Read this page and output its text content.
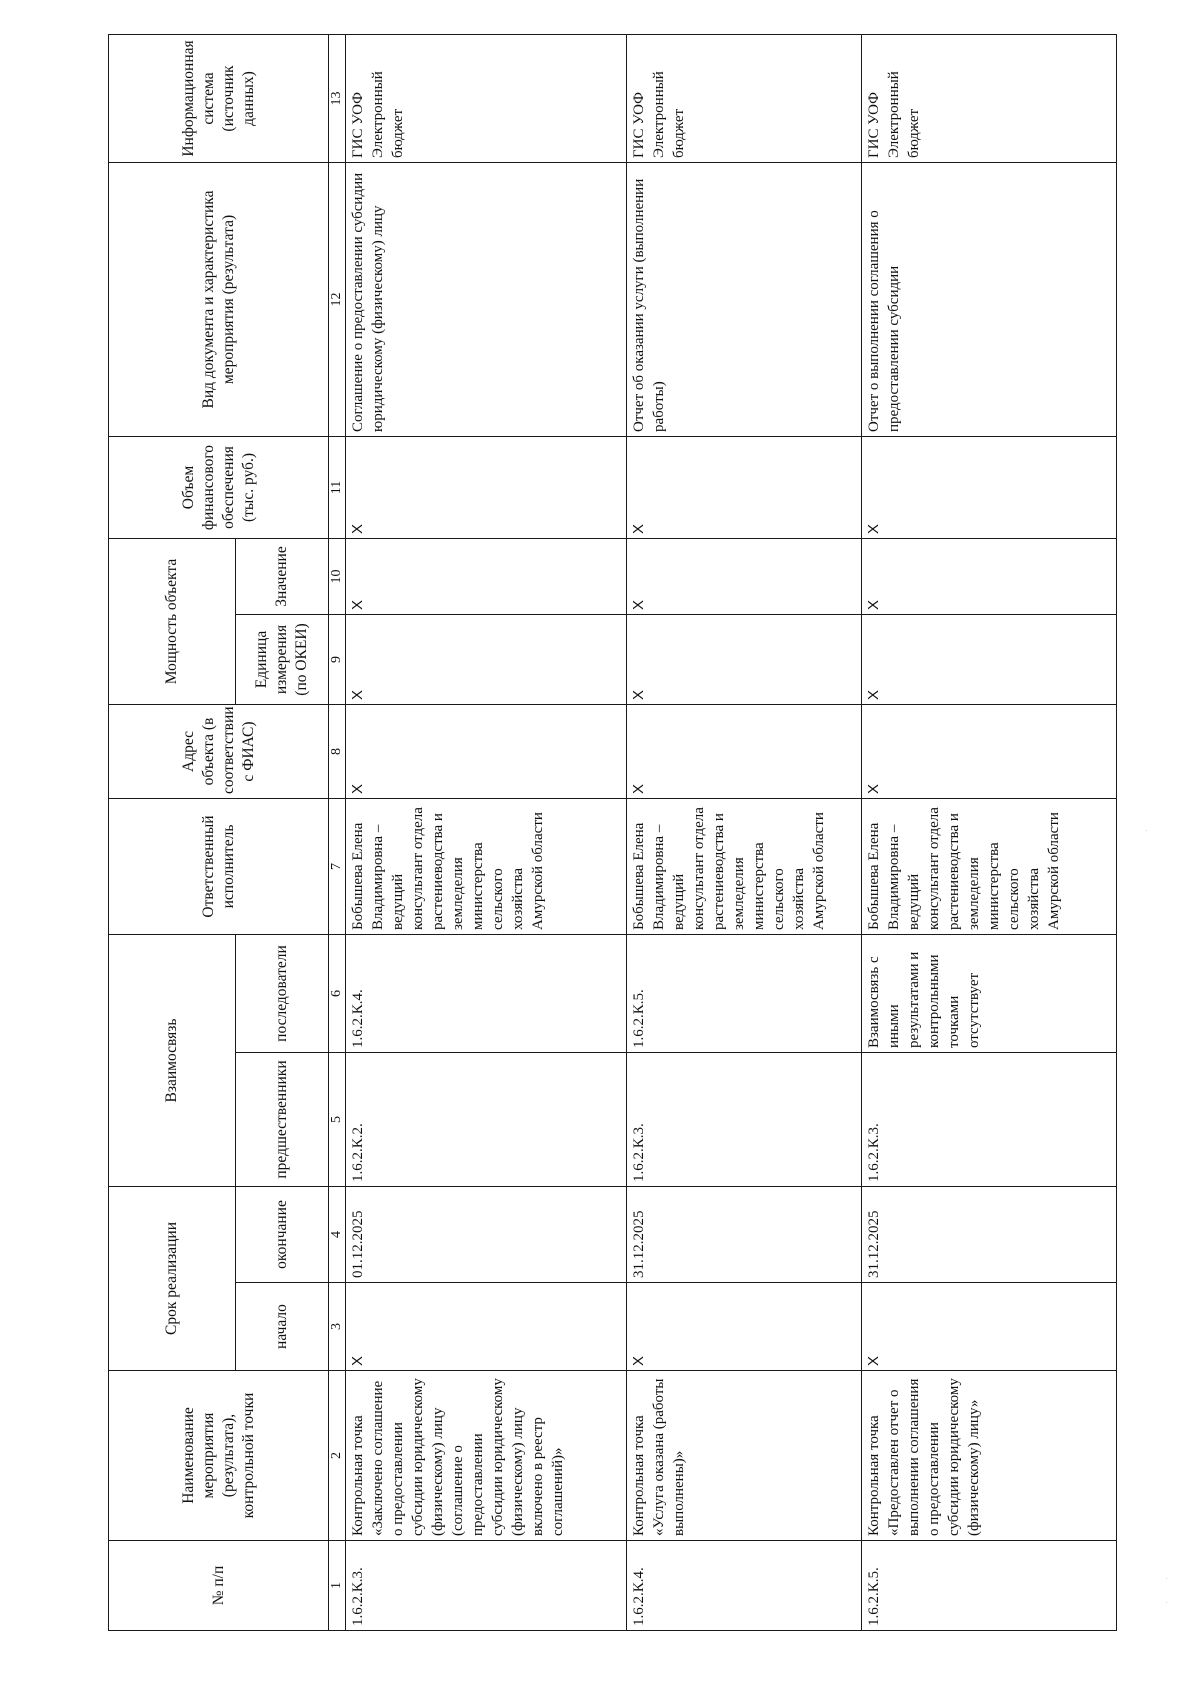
№ п/п	Наименование мероприятия (результата), контрольной точки	Срок реализации		Взаимосвязь		Ответственный исполнитель	Адрес объекта (в соответствии с ФИАС)	Мощность объекта		Объем финансового обеспечения (тыс. руб.)	Вид документа и характеристика мероприятия (результата)	Информационная система (источник данных)
		начало	окончание	предшественники	последователи			Единица измерения (по ОКЕИ)	Значение			
1	2	3	4	5	6	7	8	9	10	11	12	13
1.6.2.К.3.	Контрольная точка «Заключено соглашение о предоставлении субсидии юридическому (физическому) лицу (соглашение о предоставлении субсидии юридическому (физическому) лицу включено в реестр соглашений)»	X	01.12.2025	1.6.2.К.2.	1.6.2.К.4.	Бобышева Елена Владимировна – ведущий консультант отдела растениеводства и земледелия министерства сельского хозяйства Амурской области	X	X	X	X	Соглашение о предоставлении субсидии юридическому (физическому) лицу	ГИС УОФ Электронный бюджет
1.6.2.К.4.	Контрольная точка «Услуга оказана (работы выполнены)»	X	31.12.2025	1.6.2.К.3.	1.6.2.К.5.	Бобышева Елена Владимировна – ведущий консультант отдела растениеводства и земледелия министерства сельского хозяйства Амурской области	X	X	X	X	Отчет об оказании услуги (выполнении работы)	ГИС УОФ Электронный бюджет
1.6.2.К.5.	Контрольная точка «Предоставлен отчет о выполнении соглашения о предоставлении субсидии юридическому (физическому) лицу»	X	31.12.2025	1.6.2.К.3.	Взаимосвязь с иными результатами и контрольными точками отсутствует	Бобышева Елена Владимировна – ведущий консультант отдела растениеводства и земледелия министерства сельского хозяйства Амурской области	X	X	X	X	Отчет о выполнении соглашения о предоставлении субсидии	ГИС УОФ Электронный бюджет
